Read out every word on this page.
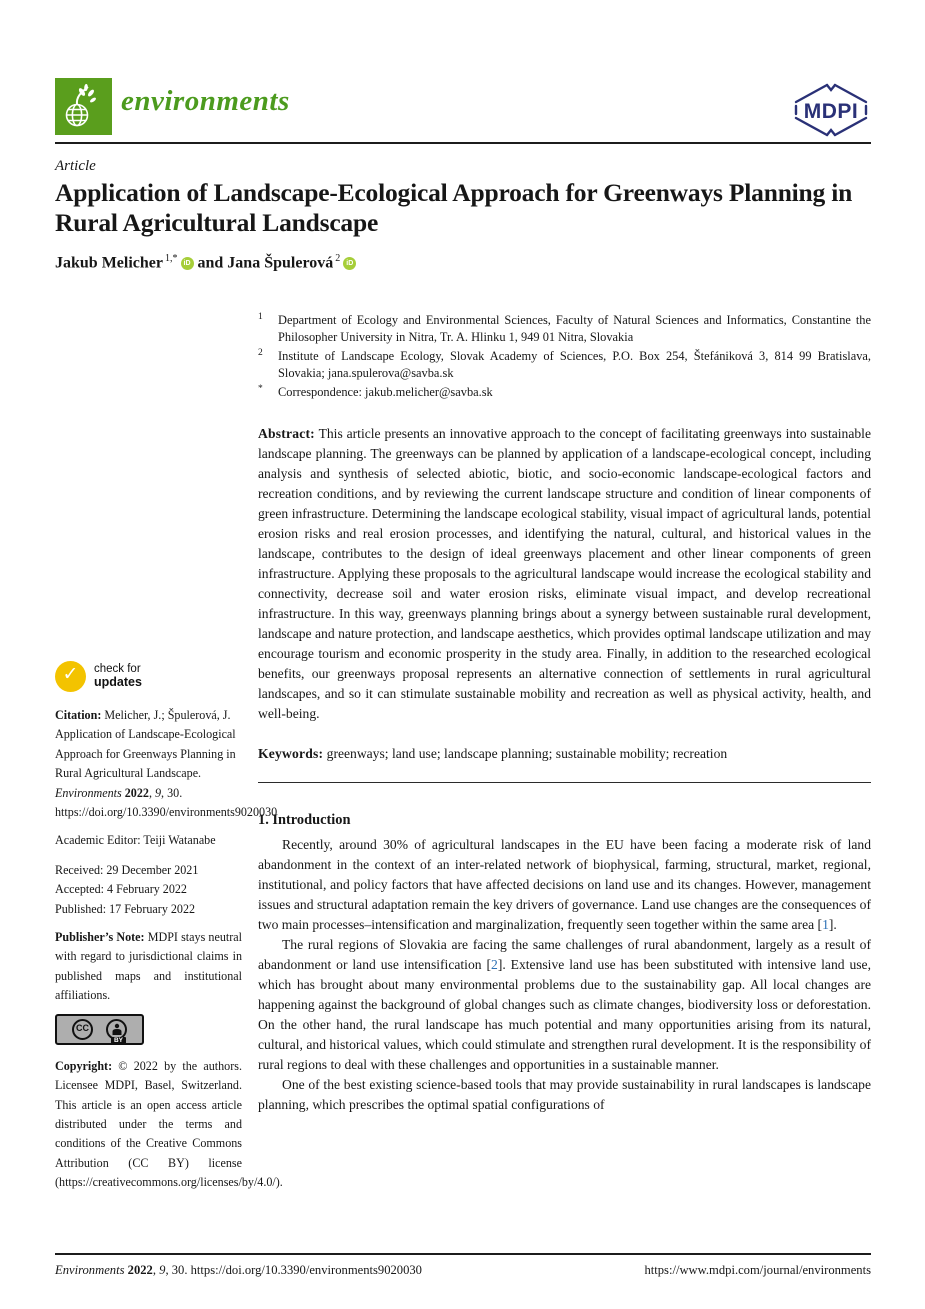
environments	MDPI
Article
Application of Landscape-Ecological Approach for Greenways Planning in Rural Agricultural Landscape
Jakub Melicher $^{1,*}$ iD and Jana Špulerová $^2$ iD
$^1$ Department of Ecology and Environmental Sciences, Faculty of Natural Sciences and Informatics, Constantine the Philosopher University in Nitra, Tr. A. Hlinku 1, 949 01 Nitra, Slovakia
$^2$ Institute of Landscape Ecology, Slovak Academy of Sciences, P.O. Box 254, Štefániková 3, 814 99 Bratislava, Slovakia; jana.spulerova@savba.sk
* Correspondence: jakub.melicher@savba.sk

Abstract: This article presents an innovative approach to the concept of facilitating greenways into sustainable landscape planning. The greenways can be planned by application of a landscape-ecological concept, including analysis and synthesis of selected abiotic, biotic, and socio-economic landscape-ecological factors and recreation conditions, and by reviewing the current landscape structure and condition of linear components of green infrastructure. Determining the landscape ecological stability, visual impact of agricultural lands, potential erosion risks and real erosion processes, and identifying the natural, cultural, and historical values in the landscape, contributes to the design of ideal greenways placement and other linear components of green infrastructure. Applying these proposals to the agricultural landscape would increase the ecological stability and connectivity, decrease soil and water erosion risks, eliminate visual impact, and develop recreational infrastructure. In this way, greenways planning brings about a synergy between sustainable rural development, landscape and nature protection, and landscape aesthetics, which provides optimal landscape utilization and may encourage tourism and economic prosperity in the study area. Finally, in addition to the researched ecological benefits, our greenways proposal represents an alternative connection of settlements in rural agricultural landscapes, and so it can stimulate sustainable mobility and recreation as well as physical activity, health, and well-being.

Keywords: greenways; land use; landscape planning; sustainable mobility; recreation

1. Introduction

Recently, around 30% of agricultural landscapes in the EU have been facing a moderate risk of land abandonment in the context of an inter-related network of biophysical, farming, structural, market, regional, institutional, and policy factors that have affected decisions on land use and its changes. However, management issues and structural adaptation remain the key drivers of governance. Land use changes are the consequences of two main processes–intensification and marginalization, frequently seen together within the same area [1].

The rural regions of Slovakia are facing the same challenges of rural abandonment, largely as a result of abandonment or land use intensification [2]. Extensive land use has been substituted with intensive land use, which has brought about many environmental problems due to the sustainability gap. All local changes are happening against the background of global changes such as climate changes, biodiversity loss or deforestation. On the other hand, the rural landscape has much potential and many opportunities arising from its natural, cultural, and historical values, which could stimulate and strengthen rural development. It is the responsibility of rural regions to deal with these challenges and opportunities in a sustainable manner.

One of the best existing science-based tools that may provide sustainability in rural landscapes is landscape planning, which prescribes the optimal spatial configurations of

✓
check for
updates

Citation: Melicher, J.; Špulerová, J. Application of Landscape-Ecological Approach for Greenways Planning in Rural Agricultural Landscape. Environments 2022, 9, 30. https://doi.org/10.3390/environments9020030

Academic Editor: Teiji Watanabe

Received: 29 December 2021
Accepted: 4 February 2022
Published: 17 February 2022

Publisher’s Note: MDPI stays neutral with regard to jurisdictional claims in published maps and institutional affiliations.

CC
BY

Copyright: © 2022 by the authors. Licensee MDPI, Basel, Switzerland. This article is an open access article distributed under the terms and conditions of the Creative Commons Attribution (CC BY) license (https://creativecommons.org/licenses/by/4.0/).

Environments 2022, 9, 30. https://doi.org/10.3390/environments9020030	https://www.mdpi.com/journal/environments
